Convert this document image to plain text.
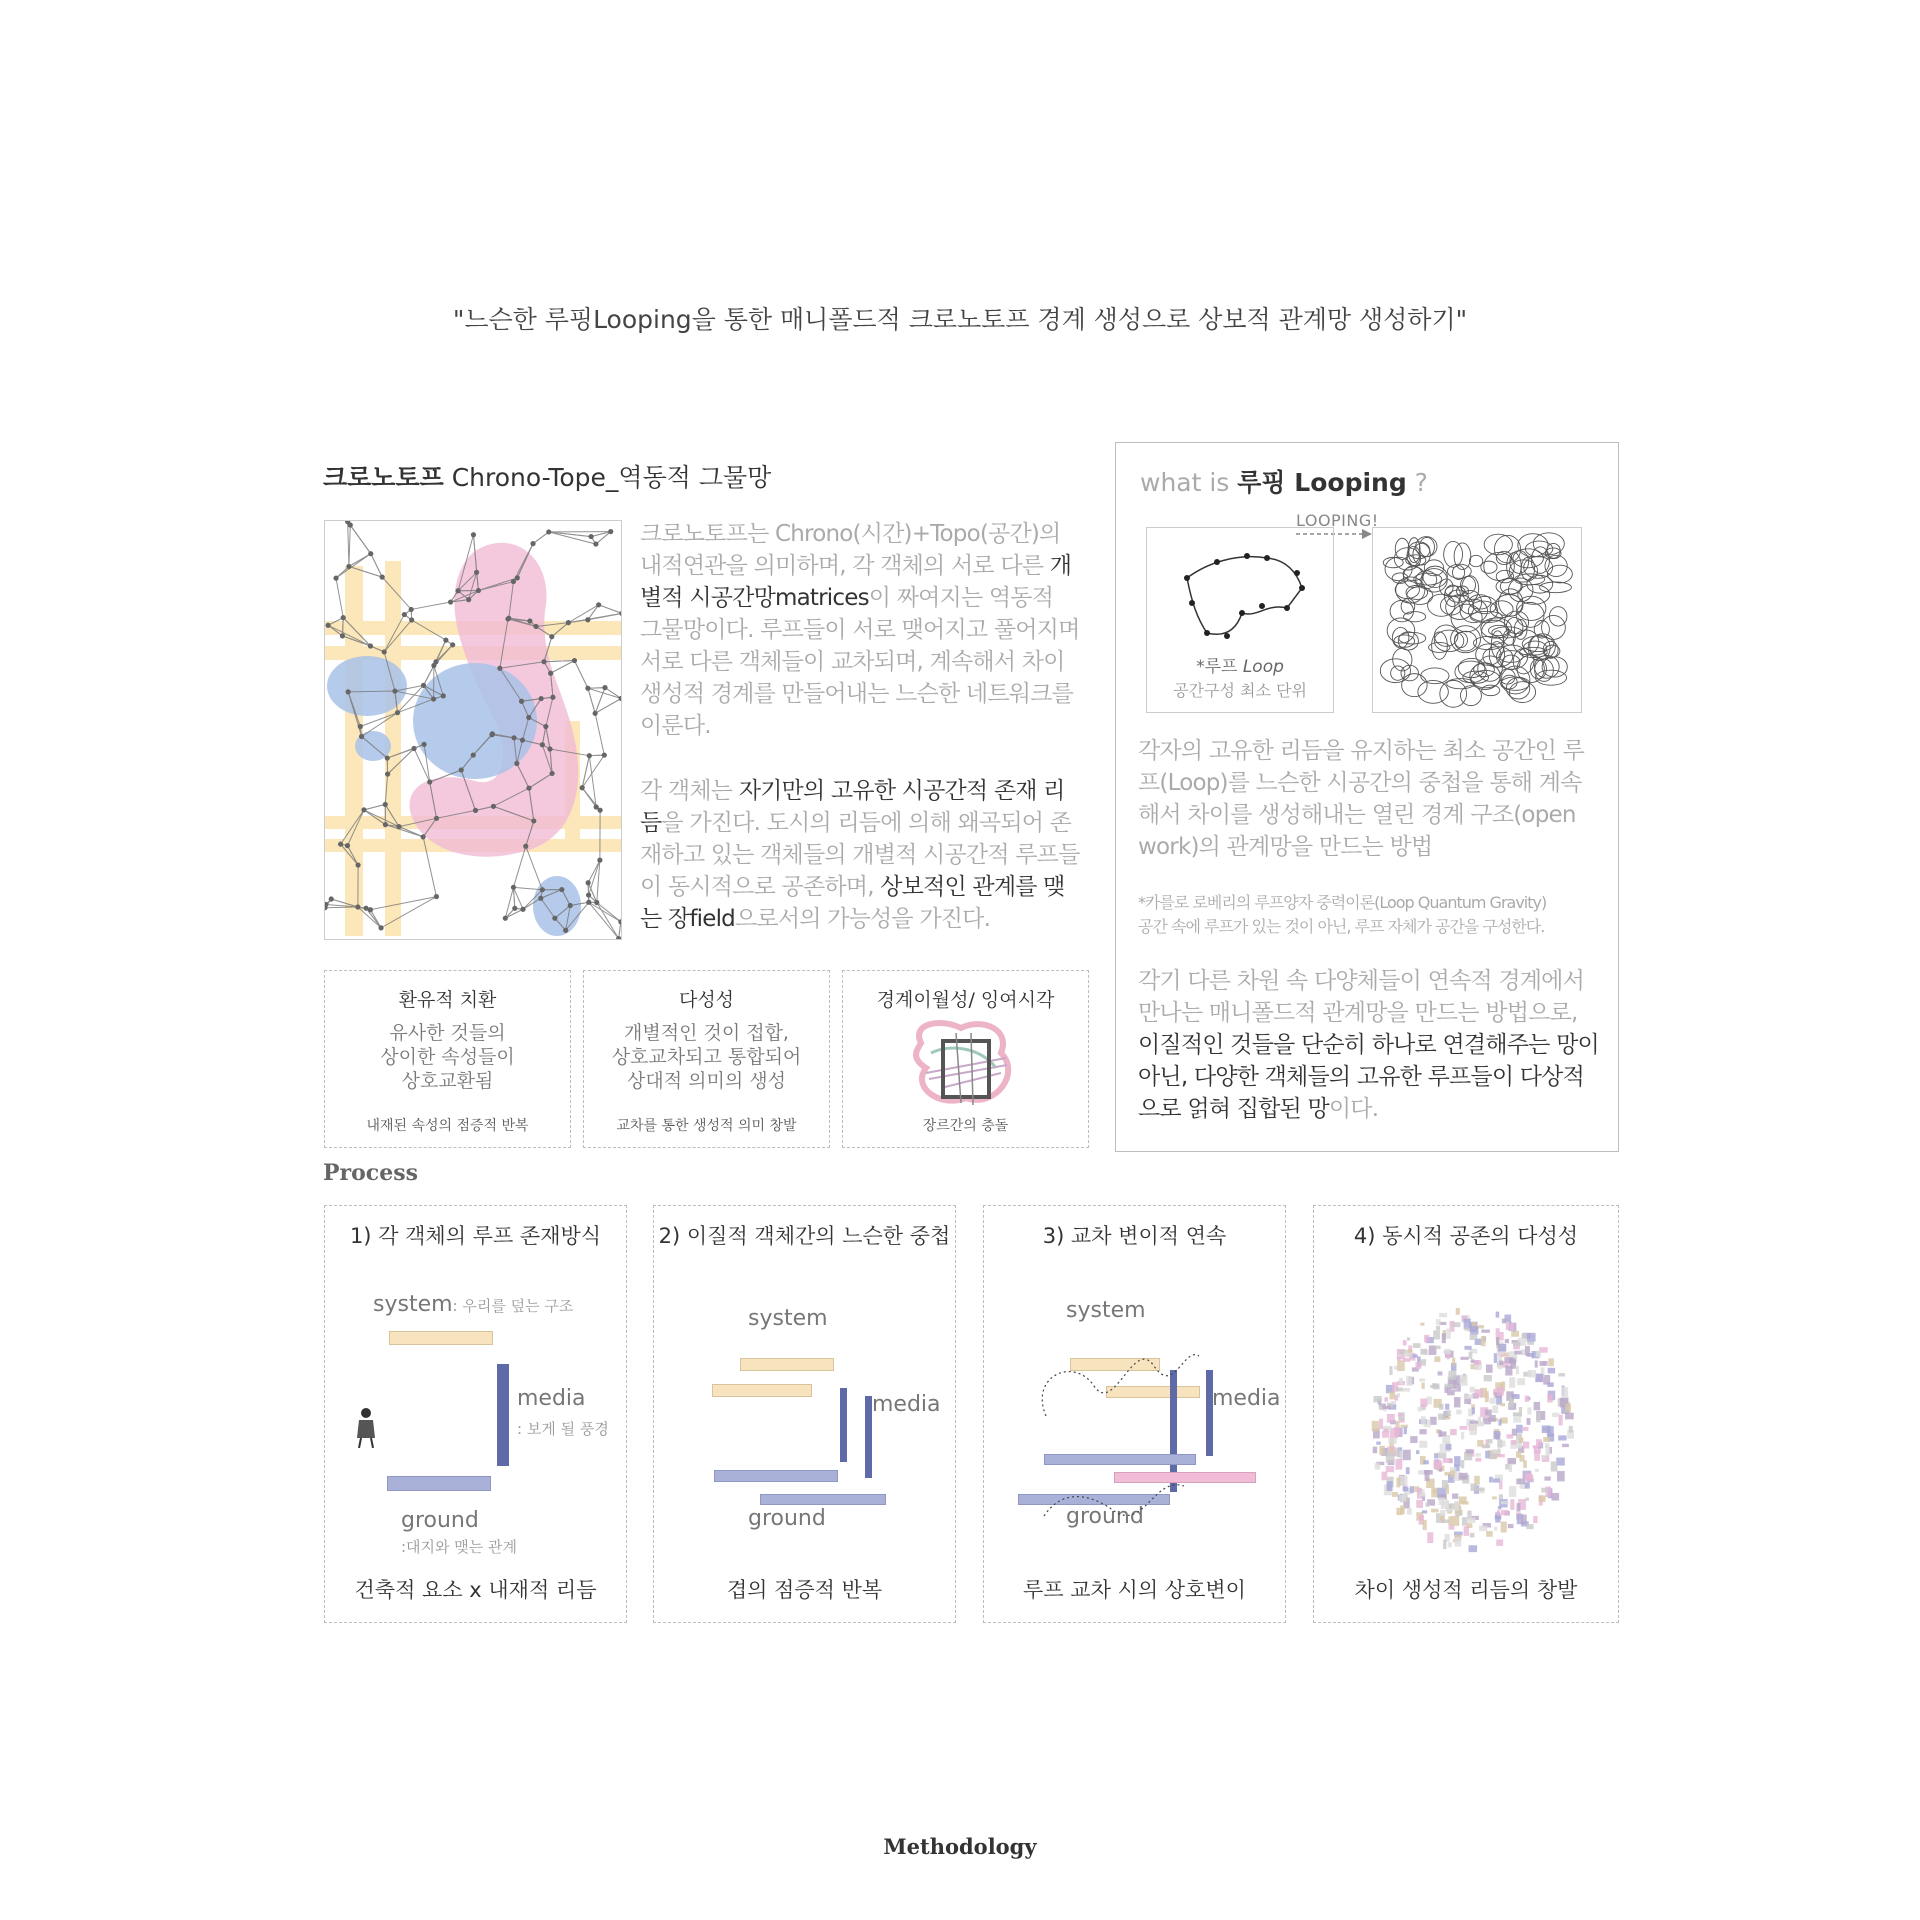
"느슨한 루핑Looping을 통한 매니폴드적 크로노토프 경계 생성으로 상보적 관계망 생성하기"
크로노토프 Chrono-Tope_역동적 그물망
크로노토프는 Chrono(시간)+Topo(공간)의 내적연관을 의미하며, 각 객체의 서로 다른 개별적 시공간망matrices이 짜여지는 역동적 그물망이다. 루프들이 서로 맺어지고 풀어지며 서로 다른 객체들이 교차되며, 계속해서 차이생성적 경계를 만들어내는 느슨한 네트워크를 이룬다.
각 객체는 자기만의 고유한 시공간적 존재 리듬을 가진다. 도시의 리듬에 의해 왜곡되어 존재하고 있는 객체들의 개별적 시공간적 루프들이 동시적으로 공존하며, 상보적인 관계를 맺는 장field으로서의 가능성을 가진다.
환유적 치환
유사한 것들의
상이한 속성들이
상호교환됨
내재된 속성의 점증적 반복
다성성
개별적인 것이 접합,
상호교차되고 통합되어
상대적 의미의 생성
교차를 통한 생성적 의미 창발
경계이월성/ 잉여시각
장르간의 충돌
what is 루핑 Looping ?
LOOPING!
*루프 Loop
공간구성 최소 단위
각자의 고유한 리듬을 유지하는 최소 공간인 루프(Loop)를 느슨한 시공간의 중첩을 통해 계속해서 차이를 생성해내는 열린 경계 구조(open work)의 관계망을 만드는 방법
*카를로 로베리의 루프양자 중력이론(Loop Quantum Gravity)
공간 속에 루프가 있는 것이 아닌, 루프 자체가 공간을 구성한다.
각기 다른 차원 속 다양체들이 연속적 경계에서 만나는 매니폴드적 관계망을 만드는 방법으로, 이질적인 것들을 단순히 하나로 연결해주는 망이 아닌, 다양한 객체들의 고유한 루프들이 다상적으로 얽혀 집합된 망이다.
Process
1) 각 객체의 루프 존재방식
system: 우리를 덮는 구조
media
: 보게 될 풍경
ground
:대지와 맺는 관계
건축적 요소 x 내재적 리듬
2) 이질적 객체간의 느슨한 중첩
system
media
ground
겹의 점증적 반복
3) 교차 변이적 연속
system
media
ground
루프 교차 시의 상호변이
4) 동시적 공존의 다성성
차이 생성적 리듬의 창발
Methodology
